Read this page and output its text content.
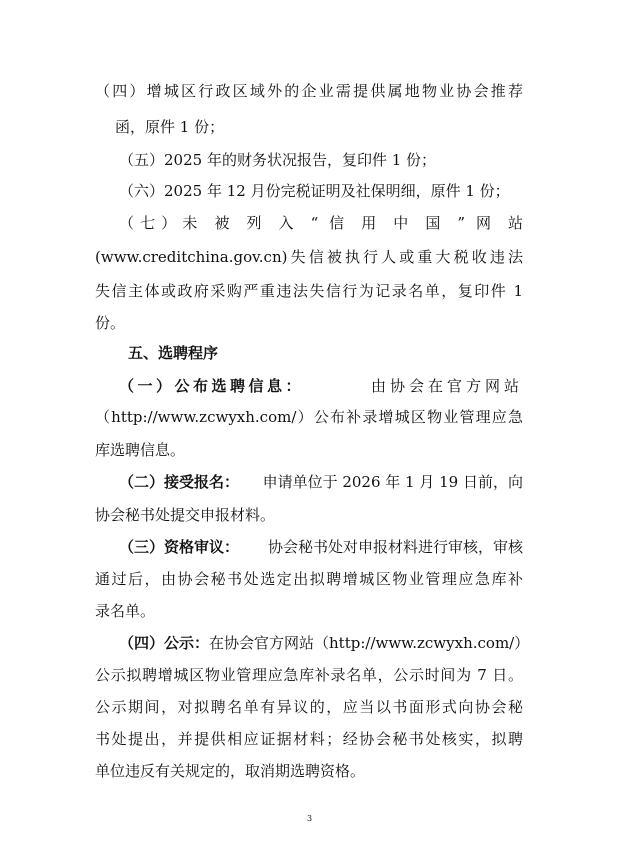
（四）增城区行政区域外的企业需提供属地物业协会推荐
函，原件 1 份；
（五）2025 年的财务状况报告，复印件 1 份；
（六）2025 年 12 月份完税证明及社保明细，原件 1 份；
（七）未 被 列 入 “ 信 用 中 国 ” 网 站
(www.creditchina.gov.cn)失信被执行人或重大税收违法
失信主体或政府采购严重违法失信行为记录名单，复印件 1
份。
五、选聘程序
（一）公布选聘信息：	由协会在官方网站
（http://www.zcwyxh.com/）公布补录增城区物业管理应急
库选聘信息。
（二）接受报名： 申请单位于 2026 年 1 月 19 日前，向
协会秘书处提交申报材料。
（三）资格审议： 协会秘书处对申报材料进行审核，审核
通过后，由协会秘书处选定出拟聘增城区物业管理应急库补
录名单。
（四）公示： 在协会官方网站（http://www.zcwyxh.com/）
公示拟聘增城区物业管理应急库补录名单，公示时间为 7 日。
公示期间，对拟聘名单有异议的，应当以书面形式向协会秘
书处提出，并提供相应证据材料；经协会秘书处核实，拟聘
单位违反有关规定的，取消期选聘资格。
3
